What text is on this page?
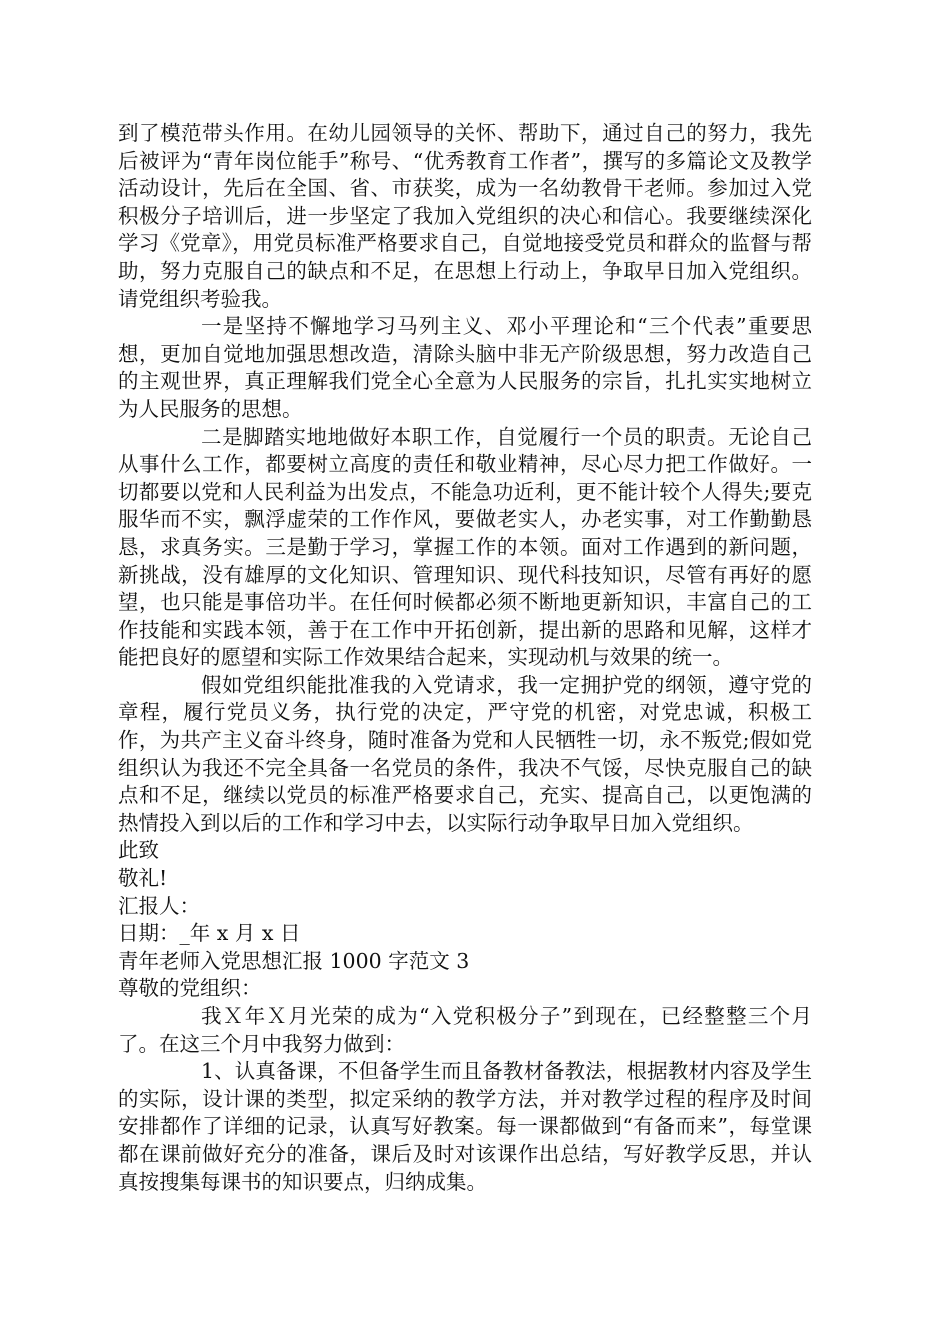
到了模范带头作用。在幼儿园领导的关怀、帮助下，通过自己的努力，我先后被评为“青年岗位能手”称号、“优秀教育工作者”，撰写的多篇论文及教学活动设计，先后在全国、省、市获奖，成为一名幼教骨干老师。参加过入党积极分子培训后，进一步坚定了我加入党组织的决心和信心。我要继续深化学习《党章》，用党员标准严格要求自己，自觉地接受党员和群众的监督与帮助，努力克服自己的缺点和不足，在思想上行动上，争取早日加入党组织。请党组织考验我。

一是坚持不懈地学习马列主义、邓小平理论和“三个代表”重要思想，更加自觉地加强思想改造，清除头脑中非无产阶级思想，努力改造自己的主观世界，真正理解我们党全心全意为人民服务的宗旨，扎扎实实地树立为人民服务的思想。

二是脚踏实地地做好本职工作，自觉履行一个员的职责。无论自己从事什么工作，都要树立高度的责任和敬业精神，尽心尽力把工作做好。一切都要以党和人民利益为出发点，不能急功近利，更不能计较个人得失;要克服华而不实，飘浮虚荣的工作作风，要做老实人，办老实事，对工作勤勤恳恳，求真务实。三是勤于学习，掌握工作的本领。面对工作遇到的新问题，新挑战，没有雄厚的文化知识、管理知识、现代科技知识，尽管有再好的愿望，也只能是事倍功半。在任何时候都必须不断地更新知识，丰富自己的工作技能和实践本领，善于在工作中开拓创新，提出新的思路和见解，这样才能把良好的愿望和实际工作效果结合起来，实现动机与效果的统一。

假如党组织能批准我的入党请求，我一定拥护党的纲领，遵守党的章程，履行党员义务，执行党的决定，严守党的机密，对党忠诚，积极工作，为共产主义奋斗终身，随时准备为党和人民牺牲一切，永不叛党;假如党组织认为我还不完全具备一名党员的条件，我决不气馁，尽快克服自己的缺点和不足，继续以党员的标准严格要求自己，充实、提高自己，以更饱满的热情投入到以后的工作和学习中去，以实际行动争取早日加入党组织。

此致

敬礼!

汇报人：

日期：_年 x 月 x 日

青年老师入党思想汇报 1000 字范文 3

尊敬的党组织：

我Ｘ年Ｘ月光荣的成为“入党积极分子”到现在，已经整整三个月了。在这三个月中我努力做到：

1、认真备课，不但备学生而且备教材备教法，根据教材内容及学生的实际，设计课的类型，拟定采纳的教学方法，并对教学过程的程序及时间安排都作了详细的记录，认真写好教案。每一课都做到“有备而来”，每堂课都在课前做好充分的准备，课后及时对该课作出总结，写好教学反思，并认真按搜集每课书的知识要点，归纳成集。
